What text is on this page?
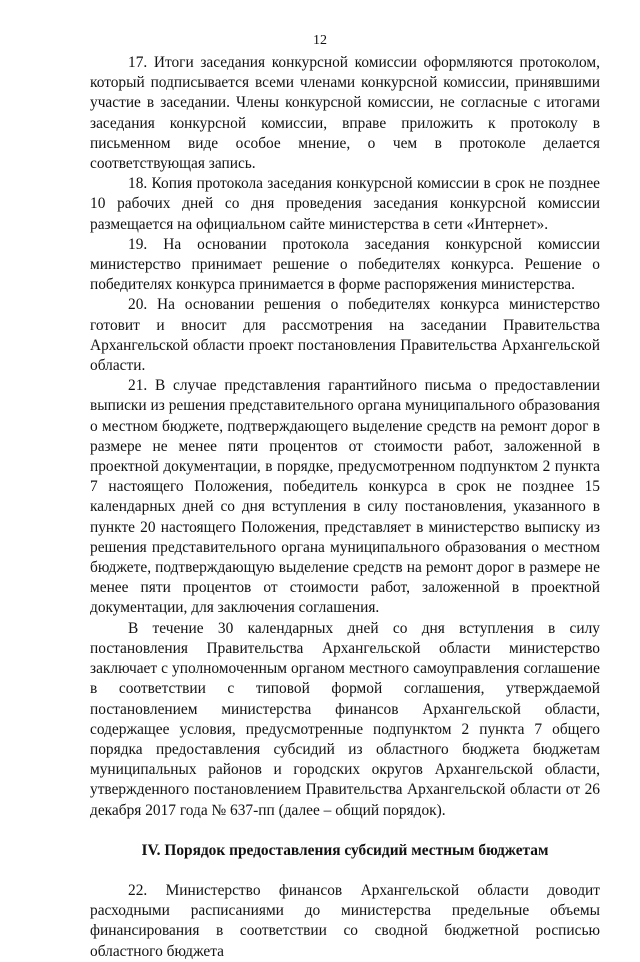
12

17. Итоги заседания конкурсной комиссии оформляются протоколом, который подписывается всеми членами конкурсной комиссии, принявшими участие в заседании. Члены конкурсной комиссии, не согласные с итогами заседания конкурсной комиссии, вправе приложить к протоколу в письменном виде особое мнение, о чем в протоколе делается соответствующая запись.

18. Копия протокола заседания конкурсной комиссии в срок не позднее 10 рабочих дней со дня проведения заседания конкурсной комиссии размещается на официальном сайте министерства в сети «Интернет».

19. На основании протокола заседания конкурсной комиссии министерство принимает решение о победителях конкурса. Решение о победителях конкурса принимается в форме распоряжения министерства.

20. На основании решения о победителях конкурса министерство готовит и вносит для рассмотрения на заседании Правительства Архангельской области проект постановления Правительства Архангельской области.

21. В случае представления гарантийного письма о предоставлении выписки из решения представительного органа муниципального образования о местном бюджете, подтверждающего выделение средств на ремонт дорог в размере не менее пяти процентов от стоимости работ, заложенной в проектной документации, в порядке, предусмотренном подпунктом 2 пункта 7 настоящего Положения, победитель конкурса в срок не позднее 15 календарных дней со дня вступления в силу постановления, указанного в пункте 20 настоящего Положения, представляет в министерство выписку из решения представительного органа муниципального образования о местном бюджете, подтверждающую выделение средств на ремонт дорог в размере не менее пяти процентов от стоимости работ, заложенной в проектной документации, для заключения соглашения.

В течение 30 календарных дней со дня вступления в силу постановления Правительства Архангельской области министерство заключает с уполномоченным органом местного самоуправления соглашение в соответствии с типовой формой соглашения, утверждаемой постановлением министерства финансов Архангельской области, содержащее условия, предусмотренные подпунктом 2 пункта 7 общего порядка предоставления субсидий из областного бюджета бюджетам муниципальных районов и городских округов Архангельской области, утвержденного постановлением Правительства Архангельской области от 26 декабря 2017 года № 637-пп (далее – общий порядок).

IV. Порядок предоставления субсидий местным бюджетам

22. Министерство финансов Архангельской области доводит расходными расписаниями до министерства предельные объемы финансирования в соответствии со сводной бюджетной росписью областного бюджета
